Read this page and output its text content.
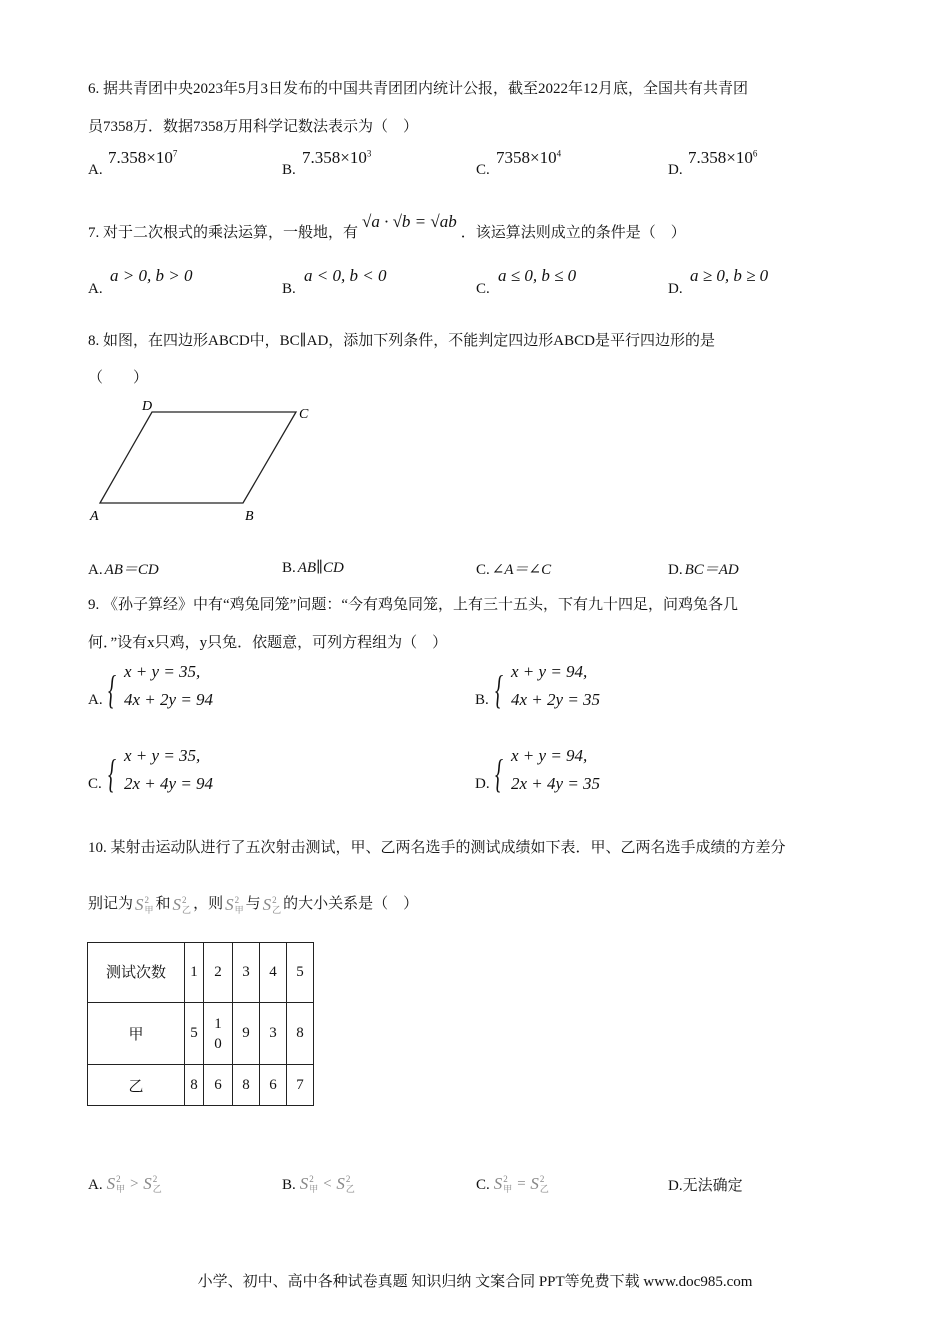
6. 据共青团中央2023年5月3日发布的中国共青团团内统计公报，截至2022年12月底，全国共有共青团
员7358万．数据7358万用科学记数法表示为（　）
A.
$7.358\times 10^7$
B.
$7.358\times 10^3$
C.
$7358\times 10^4$
D.
$7.358\times 10^6$
7. 对于二次根式的乘法运算，一般地，有√a · √b = √ab．该运算法则成立的条件是（　）
A.
a > 0, b > 0
B.
a < 0, b < 0
C.
a ≤ 0, b ≤ 0
D.
a ≥ 0, b ≥ 0
8. 如图，在四边形ABCD中，BC∥AD，添加下列条件，不能判定四边形ABCD是平行四边形的是
（　　）
D
C
A	B
A. AB＝CD	B. AB∥CD	C. ∠A＝∠C	D. BC＝AD
9. 《孙子算经》中有“鸡兔同笼”问题：“今有鸡兔同笼，上有三十五头，下有九十四足，问鸡兔各几
何．”设有x只鸡，y只兔．依题意，可列方程组为（　）
A. { x + y = 35,
4x + 2y = 94	B. { x + y = 94,
4x + 2y = 35
C. { x + y = 35,
2x + 4y = 94	D. { x + y = 94,
2x + 4y = 35
10. 某射击运动队进行了五次射击测试，甲、乙两名选手的测试成绩如下表．甲、乙两名选手成绩的方差分
别记为 S 2
甲 和 S 2
乙 ，则 S 2
甲 与 S 2
乙 的大小关系是（　）
测试次数	1	2	3	4	5
甲	5	10	9	3	8
乙	8	6	8	6	7
A. S 2
甲 > S 2
乙	B. S 2
甲 < S 2
乙	C. S 2
甲 = S 2
乙	D.无法确定
小学、初中、高中各种试卷真题 知识归纳 文案合同 PPT等免费下载 www.doc985.com
